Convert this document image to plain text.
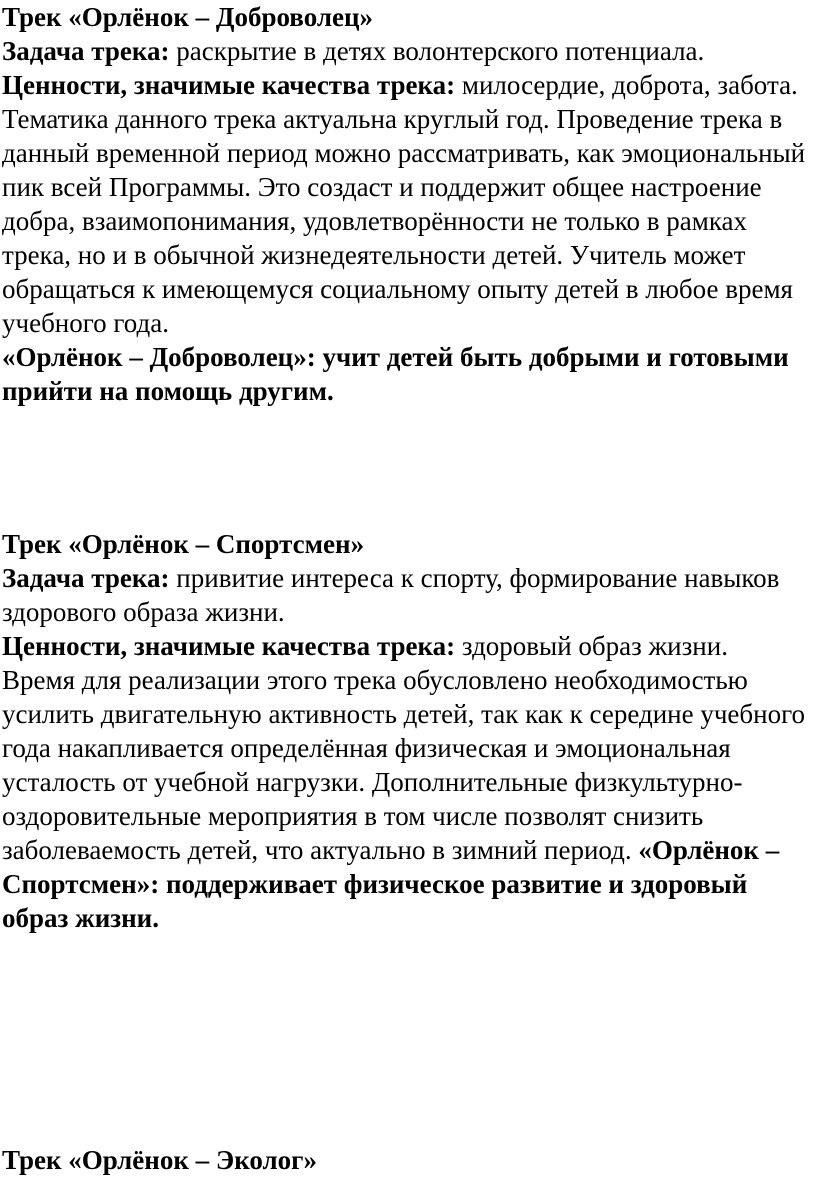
Трек «Орлёнок – Доброволец»

Задача трека: раскрытие в детях волонтерского потенциала.

Ценности, значимые качества трека: милосердие, доброта, забота.

Тематика данного трека актуальна круглый год. Проведение трека в данный временной период можно рассматривать, как эмоциональный пик всей Программы. Это создаст и поддержит общее настроение добра, взаимопонимания, удовлетворённости не только в рамках трека, но и в обычной жизнедеятельности детей. Учитель может обращаться к имеющемуся социальному опыту детей в любое время учебного года.

«Орлёнок – Доброволец»: учит детей быть добрыми и готовыми прийти на помощь другим.

Трек «Орлёнок – Спортсмен»

Задача трека: привитие интереса к спорту, формирование навыков здорового образа жизни.

Ценности, значимые качества трека: здоровый образ жизни.

Время для реализации этого трека обусловлено необходимостью усилить двигательную активность детей, так как к середине учебного года накапливается определённая физическая и эмоциональная усталость от учебной нагрузки. Дополнительные физкультурно-оздоровительные мероприятия в том числе позволят снизить заболеваемость детей, что актуально в зимний период. «Орлёнок – Спортсмен»: поддерживает физическое развитие и здоровый образ жизни.

Трек «Орлёнок – Эколог»
